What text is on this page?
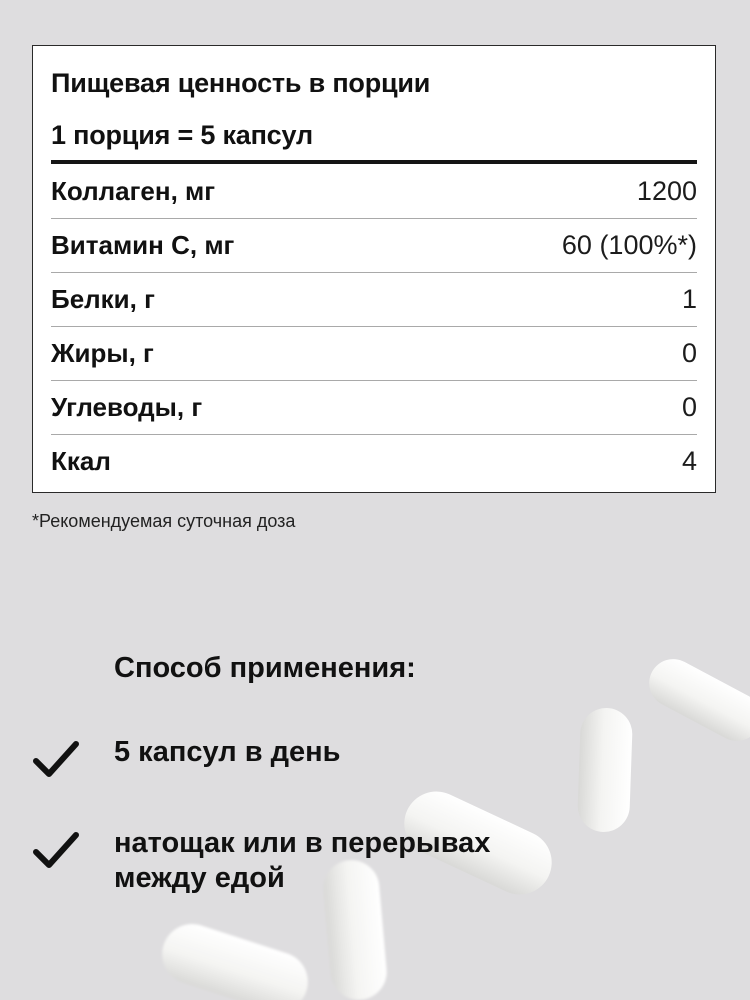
Пищевая ценность в порции
1 порция = 5 капсул
Коллаген, мг	1200
Витамин С, мг	60 (100%*)
Белки, г	1
Жиры, г	0
Углеводы, г	0
Ккал	4
*Рекомендуемая суточная доза
Способ применения:
5 капсул в день
натощак или в перерывах
между едой
